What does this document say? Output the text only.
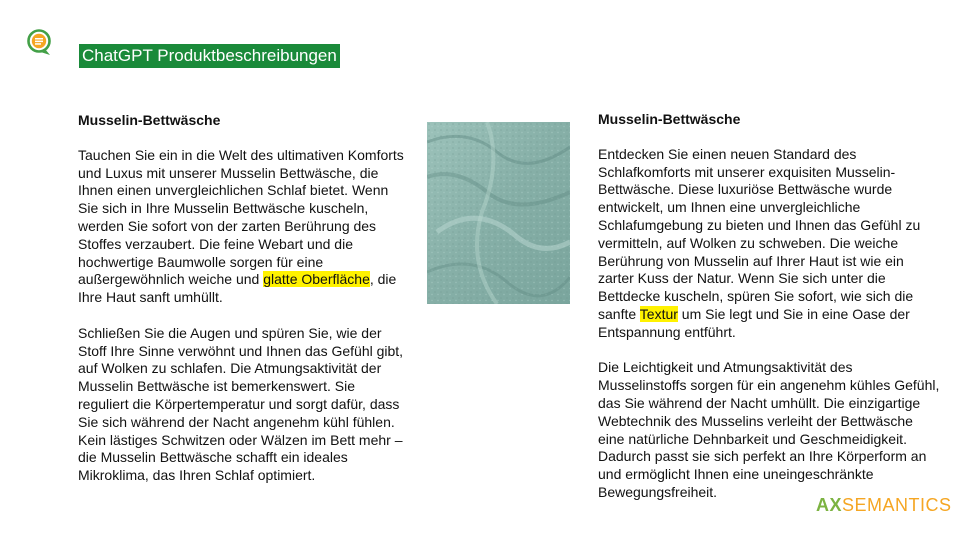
ChatGPT Produktbeschreibungen
Musselin-Bettwäsche

Tauchen Sie ein in die Welt des ultimativen Komforts und Luxus mit unserer Musselin Bettwäsche, die Ihnen einen unvergleichlichen Schlaf bietet. Wenn Sie sich in Ihre Musselin Bettwäsche kuscheln, werden Sie sofort von der zarten Berührung des Stoffes verzaubert. Die feine Webart und die hochwertige Baumwolle sorgen für eine außergewöhnlich weiche und glatte Oberfläche, die Ihre Haut sanft umhüllt.

Schließen Sie die Augen und spüren Sie, wie der Stoff Ihre Sinne verwöhnt und Ihnen das Gefühl gibt, auf Wolken zu schlafen. Die Atmungsaktivität der Musselin Bettwäsche ist bemerkenswert. Sie reguliert die Körpertemperatur und sorgt dafür, dass Sie sich während der Nacht angenehm kühl fühlen. Kein lästiges Schwitzen oder Wälzen im Bett mehr – die Musselin Bettwäsche schafft ein ideales Mikroklima, das Ihren Schlaf optimiert.

Musselin-Bettwäsche

Entdecken Sie einen neuen Standard des Schlafkomforts mit unserer exquisiten Musselin-Bettwäsche. Diese luxuriöse Bettwäsche wurde entwickelt, um Ihnen eine unvergleichliche Schlafumgebung zu bieten und Ihnen das Gefühl zu vermitteln, auf Wolken zu schweben. Die weiche Berührung von Musselin auf Ihrer Haut ist wie ein zarter Kuss der Natur. Wenn Sie sich unter die Bettdecke kuscheln, spüren Sie sofort, wie sich die sanfte Textur um Sie legt und Sie in eine Oase der Entspannung entführt.

Die Leichtigkeit und Atmungsaktivität des Musselinstoffs sorgen für ein angenehm kühles Gefühl, das Sie während der Nacht umhüllt. Die einzigartige Webtechnik des Musselins verleiht der Bettwäsche eine natürliche Dehnbarkeit und Geschmeidigkeit. Dadurch passt sie sich perfekt an Ihre Körperform an und ermöglicht Ihnen eine uneingeschränkte Bewegungsfreiheit.

AXSEMANTICS
